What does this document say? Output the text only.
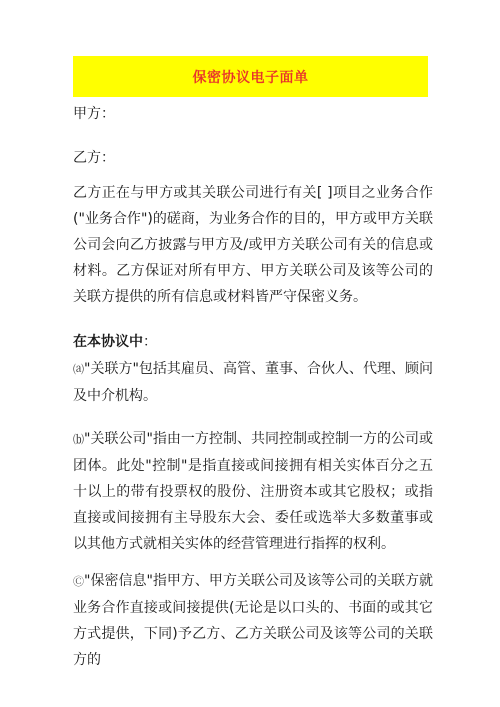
保密协议电子面单
甲方：
乙方：
乙方正在与甲方或其关联公司进行有关[ ]项目之业务合作("业务合作")的磋商，为业务合作的目的，甲方或甲方关联公司会向乙方披露与甲方及/或甲方关联公司有关的信息或材料。乙方保证对所有甲方、甲方关联公司及该等公司的关联方提供的所有信息或材料皆严守保密义务。
在本协议中：
⒜"关联方"包括其雇员、高管、董事、合伙人、代理、顾问及中介机构。
⒝"关联公司"指由一方控制、共同控制或控制一方的公司或团体。此处"控制"是指直接或间接拥有相关实体百分之五十以上的带有投票权的股份、注册资本或其它股权；或指直接或间接拥有主导股东大会、委任或选举大多数董事或以其他方式就相关实体的经营管理进行指挥的权利。
Ⓒ"保密信息"指甲方、甲方关联公司及该等公司的关联方就业务合作直接或间接提供(无论是以口头的、书面的或其它方式提供，下同)予乙方、乙方关联公司及该等公司的关联方的
